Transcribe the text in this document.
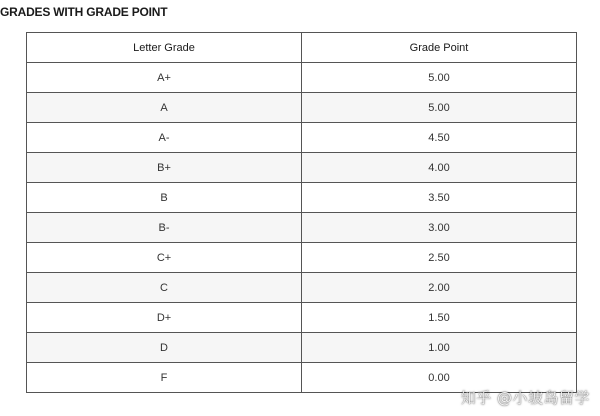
GRADES WITH GRADE POINT
Letter Grade	Grade Point
A+	5.00
A	5.00
A-	4.50
B+	4.00
B	3.50
B-	3.00
C+	2.50
C	2.00
D+	1.50
D	1.00
F	0.00
知乎 @小坡岛留学
